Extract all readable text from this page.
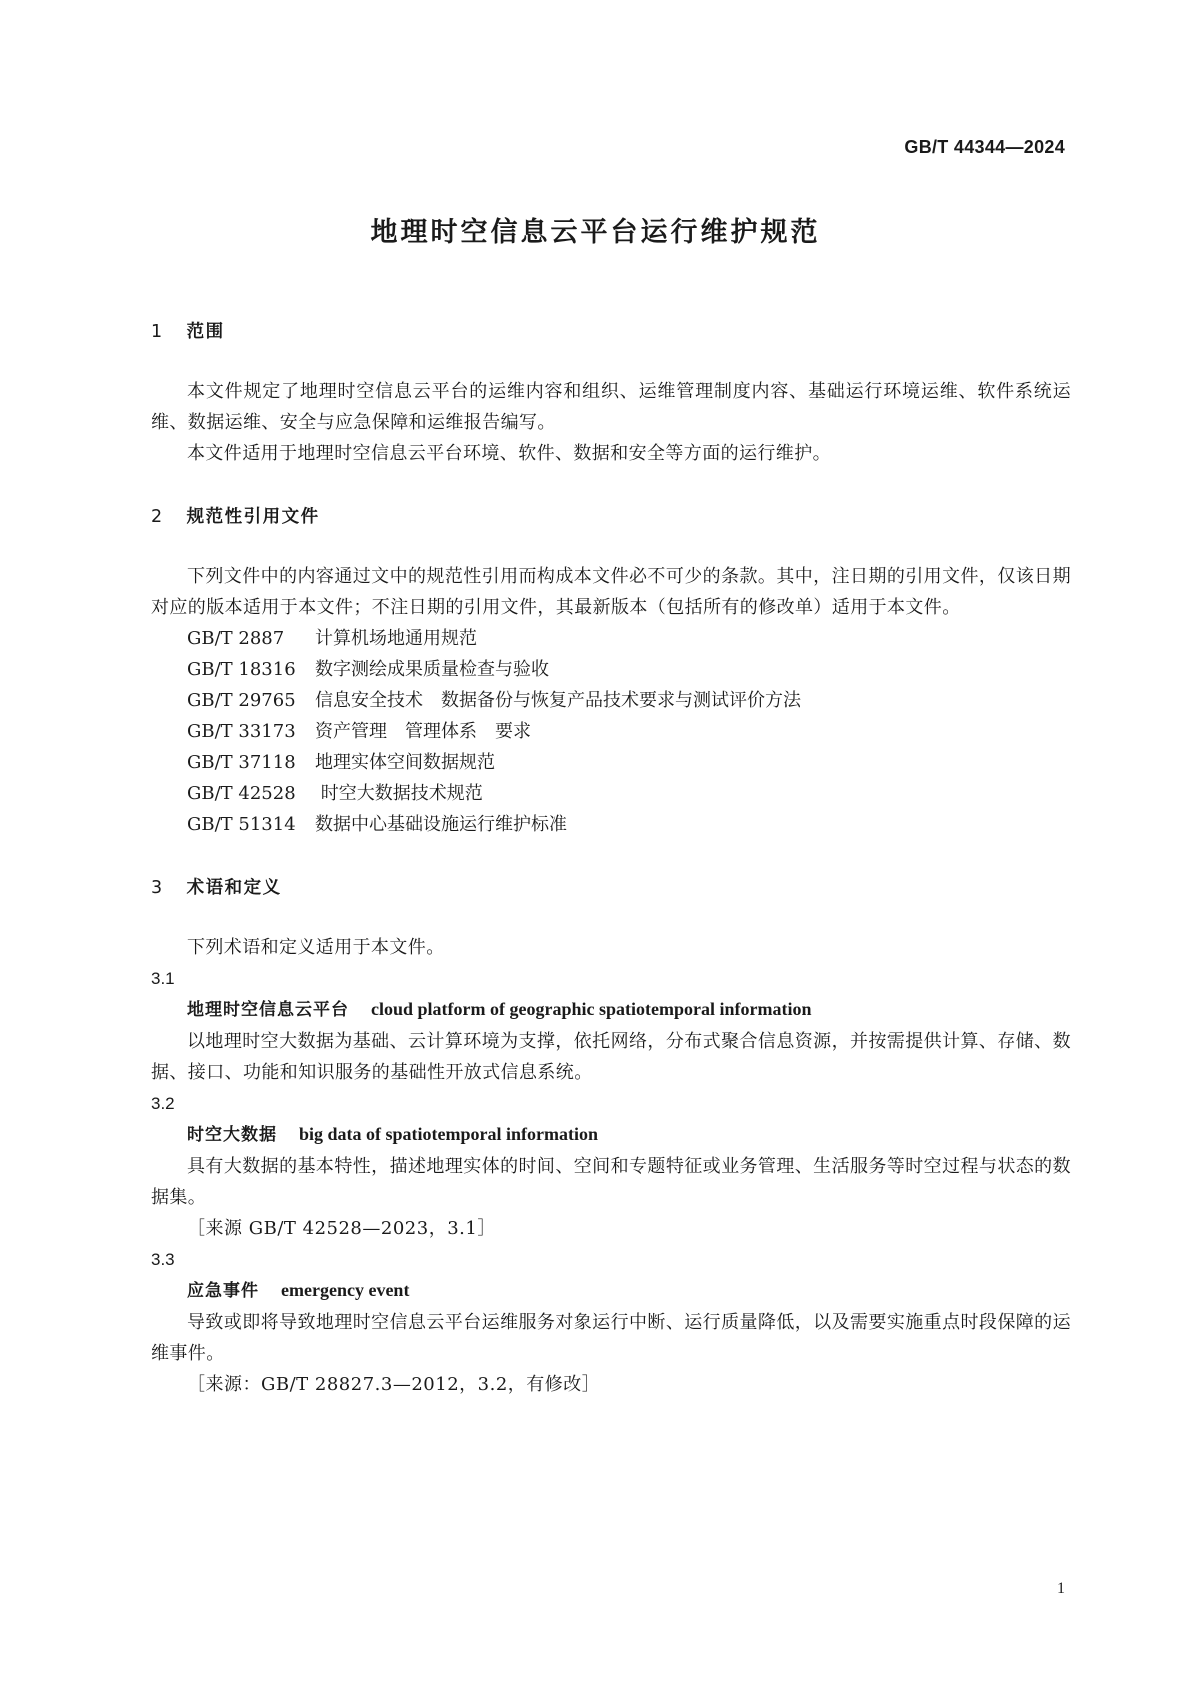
GB/T 44344—2024
地理时空信息云平台运行维护规范
1 范围

本文件规定了地理时空信息云平台的运维内容和组织、运维管理制度内容、基础运行环境运维、软件系统运维、数据运维、安全与应急保障和运维报告编写。

本文件适用于地理时空信息云平台环境、软件、数据和安全等方面的运行维护。

2 规范性引用文件

下列文件中的内容通过文中的规范性引用而构成本文件必不可少的条款。其中，注日期的引用文件，仅该日期对应的版本适用于本文件；不注日期的引用文件，其最新版本（包括所有的修改单）适用于本文件。

GB/T 2887 计算机场地通用规范
GB/T 18316 数字测绘成果质量检查与验收
GB/T 29765 信息安全技术　数据备份与恢复产品技术要求与测试评价方法
GB/T 33173 资产管理　管理体系　要求
GB/T 37118 地理实体空间数据规范
GB/T 42528 时空大数据技术规范
GB/T 51314 数据中心基础设施运行维护标准
3 术语和定义

下列术语和定义适用于本文件。

3.1
地理时空信息云平台 cloud platform of geographic spatiotemporal information

以地理时空大数据为基础、云计算环境为支撑，依托网络，分布式聚合信息资源，并按需提供计算、存储、数据、接口、功能和知识服务的基础性开放式信息系统。

3.2
时空大数据 big data of spatiotemporal information

具有大数据的基本特性，描述地理实体的时间、空间和专题特征或业务管理、生活服务等时空过程与状态的数据集。

［来源 GB/T 42528—2023，3.1］
3.3
应急事件 emergency event

导致或即将导致地理时空信息云平台运维服务对象运行中断、运行质量降低，以及需要实施重点时段保障的运维事件。

［来源：GB/T 28827.3—2012，3.2，有修改］
1
